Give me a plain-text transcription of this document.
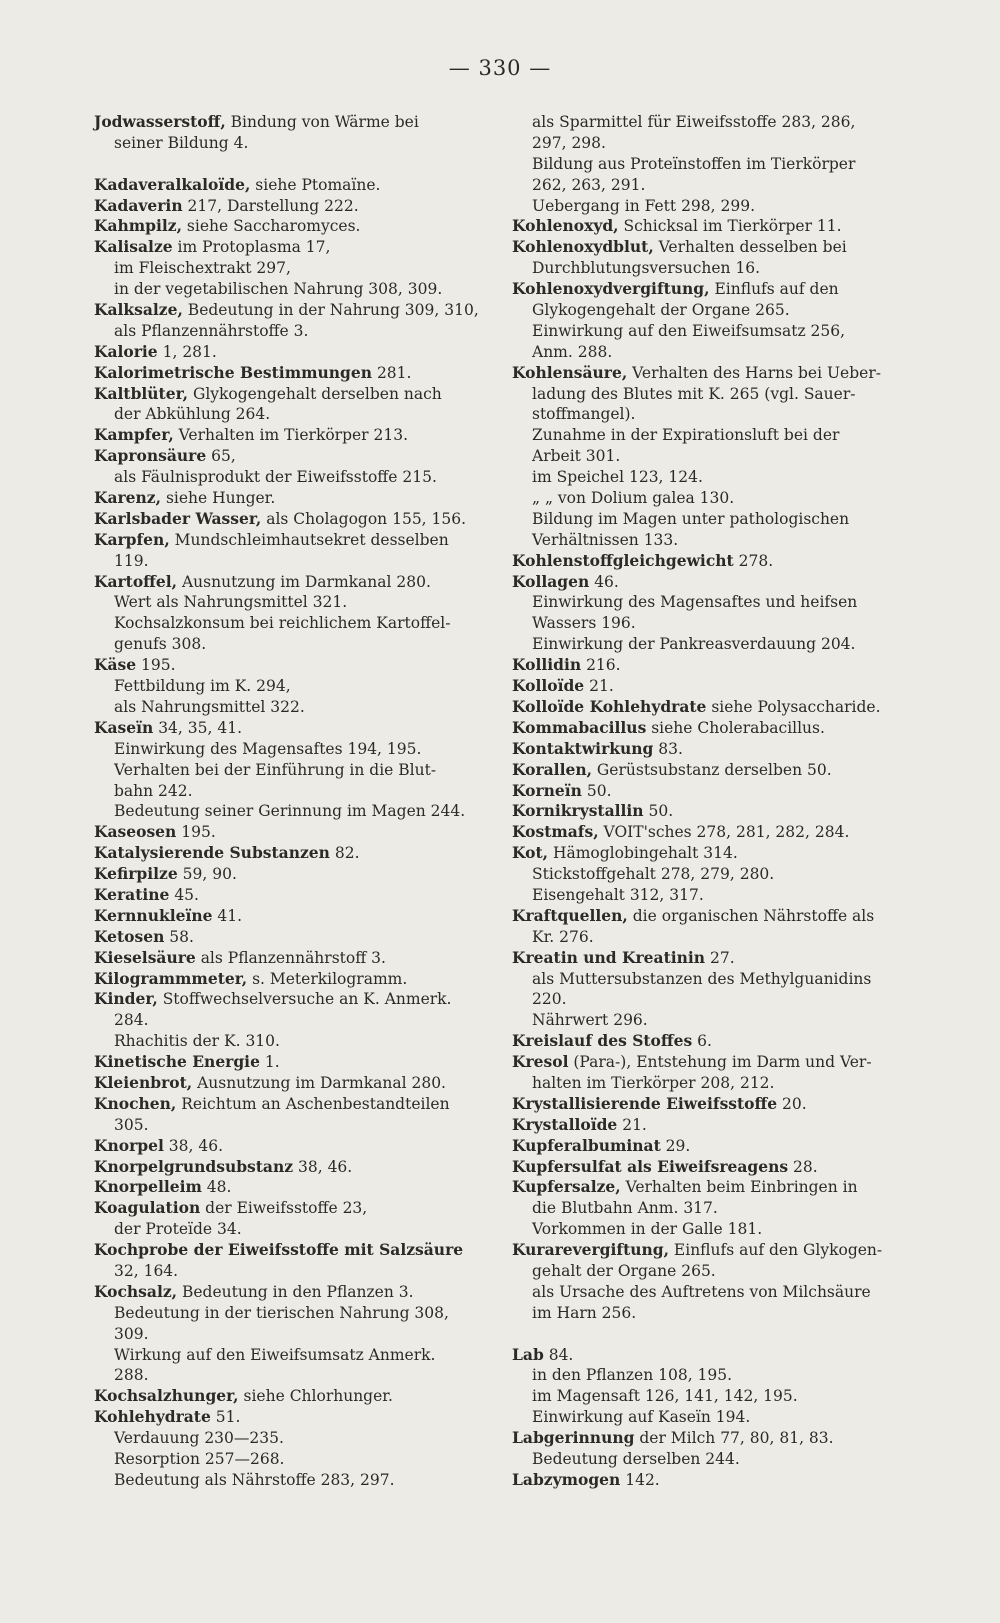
— 330 —
Jodwasserstoff, Bindung von Wärme bei
seiner Bildung 4.
Kadaveralkaloïde, siehe Ptomaïne.
Kadaverin 217, Darstellung 222.
Kahmpilz, siehe Saccharomyces.
Kalisalze im Protoplasma 17,
im Fleischextrakt 297,
in der vegetabilischen Nahrung 308, 309.
Kalksalze, Bedeutung in der Nahrung 309, 310,
als Pflanzennährstoffe 3.
Kalorie 1, 281.
Kalorimetrische Bestimmungen 281.
Kaltblüter, Glykogengehalt derselben nach
der Abkühlung 264.
Kampfer, Verhalten im Tierkörper 213.
Kapronsäure 65,
als Fäulnisprodukt der Eiweifsstoffe 215.
Karenz, siehe Hunger.
Karlsbader Wasser, als Cholagogon 155, 156.
Karpfen, Mundschleimhautsekret desselben
119.
Kartoffel, Ausnutzung im Darmkanal 280.
Wert als Nahrungsmittel 321.
Kochsalzkonsum bei reichlichem Kartoffel-
genufs 308.
Käse 195.
Fettbildung im K. 294,
als Nahrungsmittel 322.
Kaseïn 34, 35, 41.
Einwirkung des Magensaftes 194, 195.
Verhalten bei der Einführung in die Blut-
bahn 242.
Bedeutung seiner Gerinnung im Magen 244.
Kaseosen 195.
Katalysierende Substanzen 82.
Kefirpilze 59, 90.
Keratine 45.
Kernnukleïne 41.
Ketosen 58.
Kieselsäure als Pflanzennährstoff 3.
Kilogrammmeter, s. Meterkilogramm.
Kinder, Stoffwechselversuche an K. Anmerk.
284.
Rhachitis der K. 310.
Kinetische Energie 1.
Kleienbrot, Ausnutzung im Darmkanal 280.
Knochen, Reichtum an Aschenbestandteilen
305.
Knorpel 38, 46.
Knorpelgrundsubstanz 38, 46.
Knorpelleim 48.
Koagulation der Eiweifsstoffe 23,
der Proteïde 34.
Kochprobe der Eiweifsstoffe mit Salzsäure
32, 164.
Kochsalz, Bedeutung in den Pflanzen 3.
Bedeutung in der tierischen Nahrung 308,
309.
Wirkung auf den Eiweifsumsatz Anmerk.
288.
Kochsalzhunger, siehe Chlorhunger.
Kohlehydrate 51.
Verdauung 230—235.
Resorption 257—268.
Bedeutung als Nährstoffe 283, 297.
als Sparmittel für Eiweifsstoffe 283, 286,
297, 298.
Bildung aus Proteïnstoffen im Tierkörper
262, 263, 291.
Uebergang in Fett 298, 299.
Kohlenoxyd, Schicksal im Tierkörper 11.
Kohlenoxydblut, Verhalten desselben bei
Durchblutungsversuchen 16.
Kohlenoxydvergiftung, Einflufs auf den
Glykogengehalt der Organe 265.
Einwirkung auf den Eiweifsumsatz 256,
Anm. 288.
Kohlensäure, Verhalten des Harns bei Ueber-
ladung des Blutes mit K. 265 (vgl. Sauer-
stoffmangel).
Zunahme in der Expirationsluft bei der
Arbeit 301.
im Speichel 123, 124.
„ „ von Dolium galea 130.
Bildung im Magen unter pathologischen
Verhältnissen 133.
Kohlenstoffgleichgewicht 278.
Kollagen 46.
Einwirkung des Magensaftes und heifsen
Wassers 196.
Einwirkung der Pankreasverdauung 204.
Kollidin 216.
Kolloïde 21.
Kolloïde Kohlehydrate siehe Polysaccharide.
Kommabacillus siehe Cholerabacillus.
Kontaktwirkung 83.
Korallen, Gerüstsubstanz derselben 50.
Korneïn 50.
Kornikrystallin 50.
Kostmafs, VOIT'sches 278, 281, 282, 284.
Kot, Hämoglobingehalt 314.
Stickstoffgehalt 278, 279, 280.
Eisengehalt 312, 317.
Kraftquellen, die organischen Nährstoffe als
Kr. 276.
Kreatin und Kreatinin 27.
als Muttersubstanzen des Methylguanidins
220.
Nährwert 296.
Kreislauf des Stoffes 6.
Kresol (Para-), Entstehung im Darm und Ver-
halten im Tierkörper 208, 212.
Krystallisierende Eiweifsstoffe 20.
Krystalloïde 21.
Kupferalbuminat 29.
Kupfersulfat als Eiweifsreagens 28.
Kupfersalze, Verhalten beim Einbringen in
die Blutbahn Anm. 317.
Vorkommen in der Galle 181.
Kurarevergiftung, Einflufs auf den Glykogen-
gehalt der Organe 265.
als Ursache des Auftretens von Milchsäure
im Harn 256.
Lab 84.
in den Pflanzen 108, 195.
im Magensaft 126, 141, 142, 195.
Einwirkung auf Kaseïn 194.
Labgerinnung der Milch 77, 80, 81, 83.
Bedeutung derselben 244.
Labzymogen 142.
